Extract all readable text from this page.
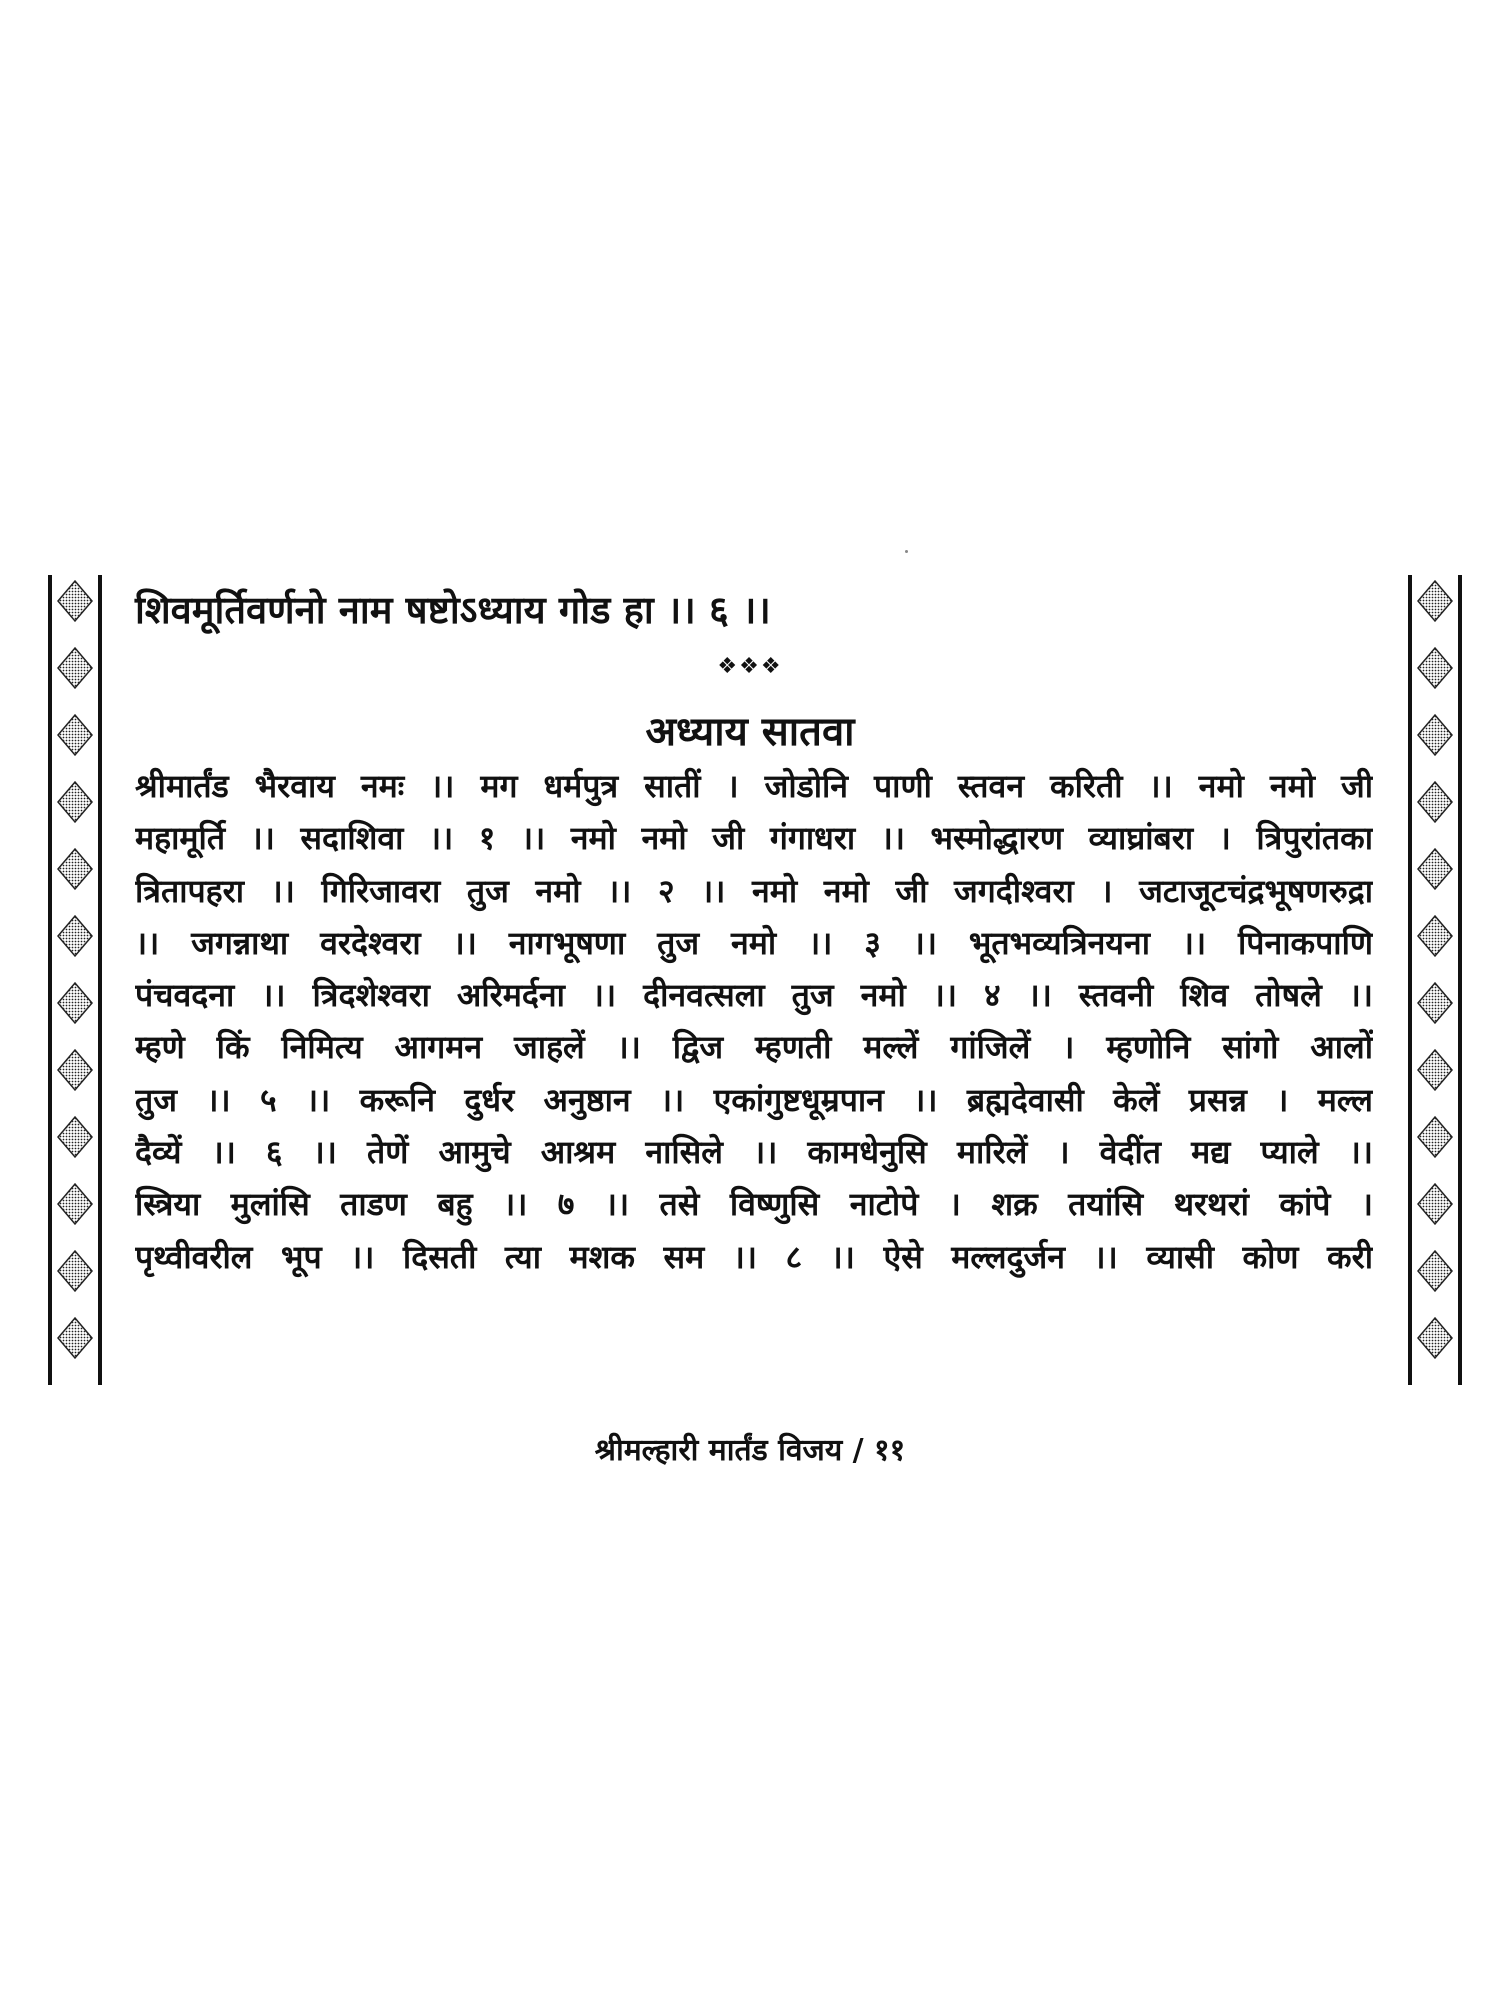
शिवमूर्तिवर्णनो नाम षष्टोऽध्याय गोड हा ।। ६ ।।
❖❖❖
अध्याय सातवा
श्रीमार्तंड भैरवाय नमः ।। मग धर्मपुत्र सातीं । जोडोनि पाणी स्तवन करिती ।। नमो नमो जी
महामूर्ति ।। सदाशिवा ।। १ ।। नमो नमो जी गंगाधरा ।। भस्मोद्धारण व्याघ्रांबरा । त्रिपुरांतका
त्रितापहरा ।। गिरिजावरा तुज नमो ।। २ ।। नमो नमो जी जगदीश्वरा । जटाजूटचंद्रभूषणरुद्रा
।। जगन्नाथा वरदेश्वरा ।। नागभूषणा तुज नमो ।। ३ ।। भूतभव्यत्रिनयना ।। पिनाकपाणि
पंचवदना ।। त्रिदशेश्वरा अरिमर्दना ।। दीनवत्सला तुज नमो ।। ४ ।। स्तवनी शिव तोषले ।।
म्हणे किं निमित्य आगमन जाहलें ।। द्विज म्हणती मल्लें गांजिलें । म्हणोनि सांगो आलों
तुज ।। ५ ।। करूनि दुर्धर अनुष्ठान ।। एकांगुष्टधूम्रपान ।। ब्रह्मदेवासी केलें प्रसन्न । मल्ल
दैव्यें ।। ६ ।। तेणें आमुचे आश्रम नासिले ।। कामधेनुसि मारिलें । वेदींत मद्य प्याले ।।
स्त्रिया मुलांसि ताडण बहु ।। ७ ।। तसे विष्णुसि नाटोपे । शक्र तयांसि थरथरां कांपे ।
पृथ्वीवरील भूप ।। दिसती त्या मशक सम ।। ८ ।। ऐसे मल्लदुर्जन ।। व्यासी कोण करी
श्रीमल्हारी मार्तंड विजय / ११
